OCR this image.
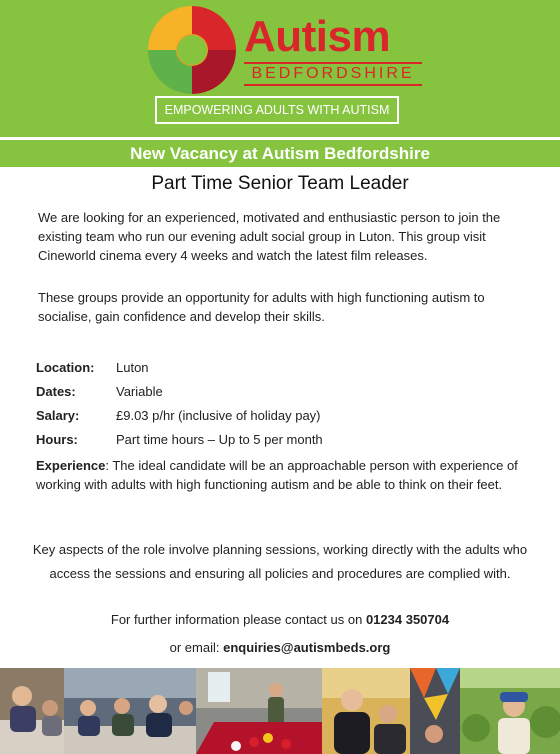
Autism
BEDFORDSHIRE
EMPOWERING ADULTS WITH AUTISM
New Vacancy at Autism Bedfordshire
Part Time Senior Team Leader
We are looking for an experienced, motivated and enthusiastic person to join the existing team who run our evening adult social group in Luton. This group visit Cineworld cinema every 4 weeks and watch the latest film releases.
These groups provide an opportunity for adults with high functioning autism to socialise, gain confidence and develop their skills.
Location: Luton
Dates:	Variable
Salary:	£9.03 p/hr (inclusive of holiday pay)
Hours:	Part time hours – Up to 5 per month
Experience: The ideal candidate will be an approachable person with experience of working with adults with high functioning autism and be able to think on their feet.
Key aspects of the role involve planning sessions, working directly with the adults who access the sessions and ensuring all policies and procedures are complied with.
For further information please contact us on 01234 350704
or email: enquiries@autismbeds.org
